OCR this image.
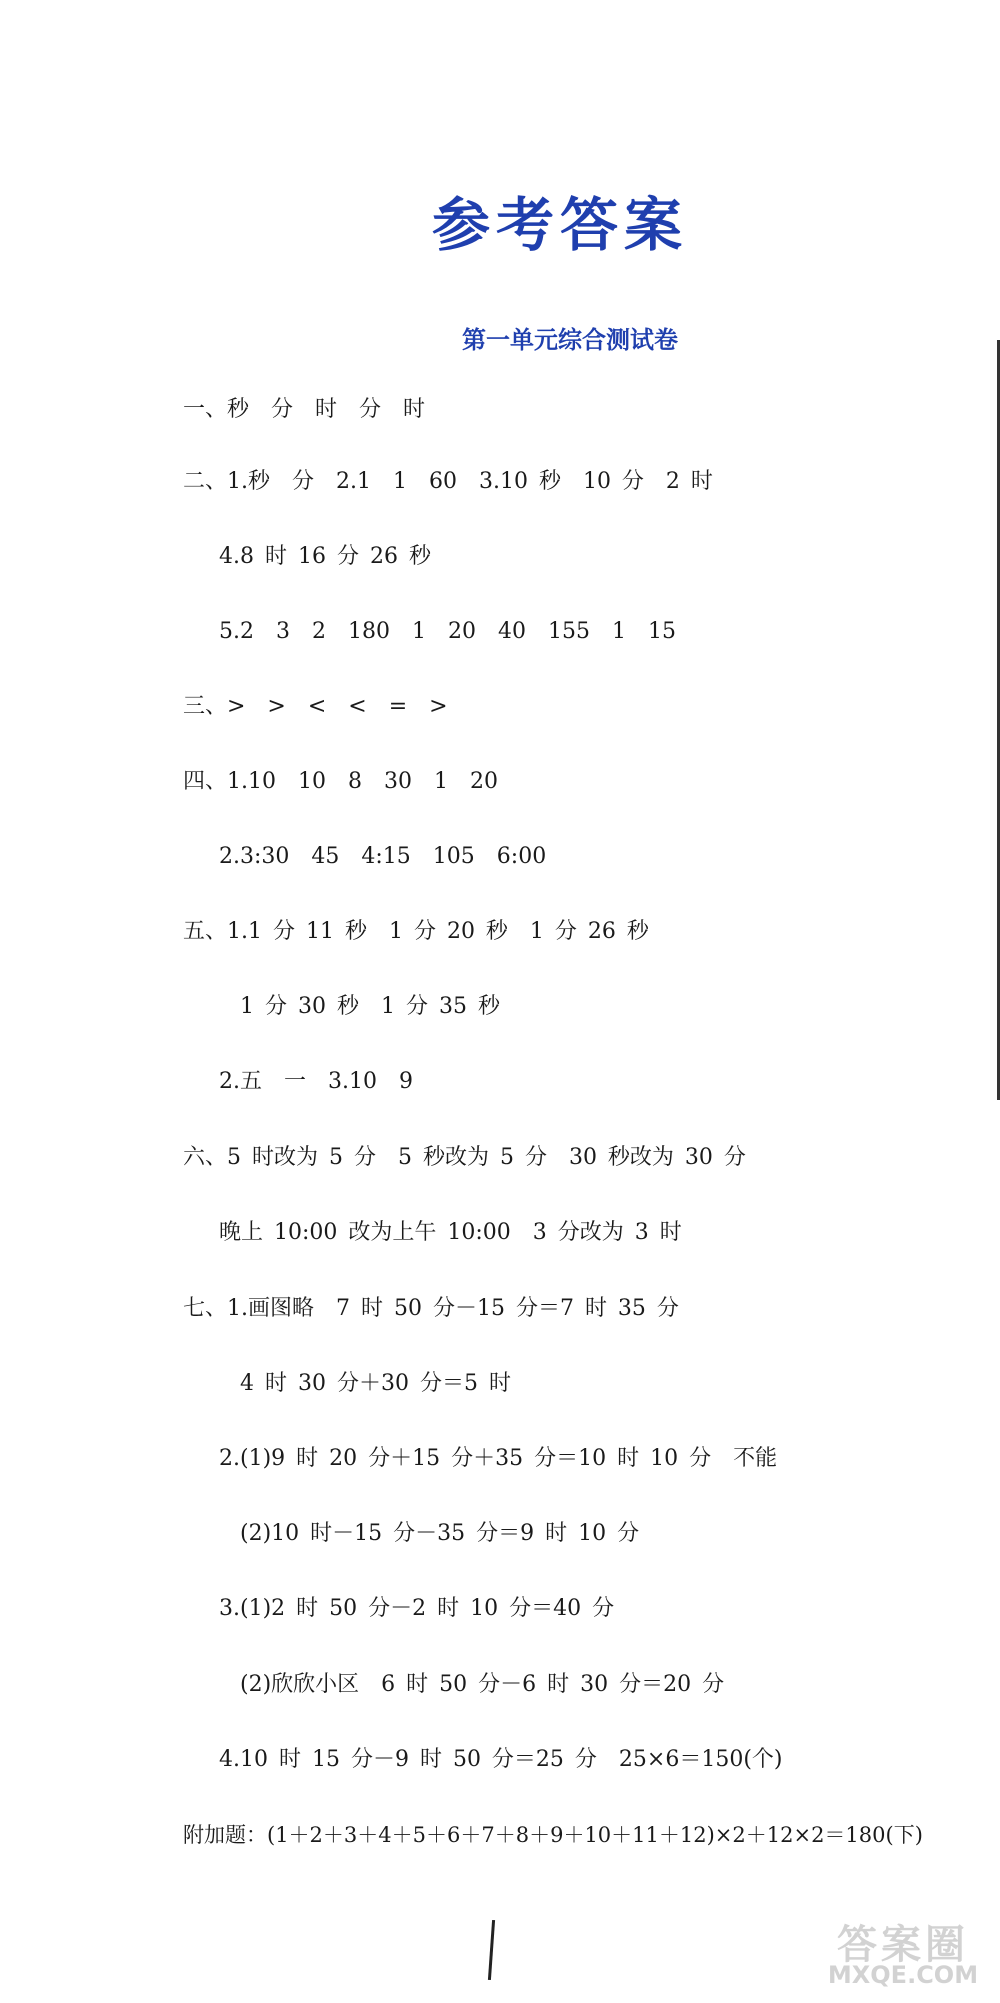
参考答案
第一单元综合测试卷
一、秒　分　时　分　时
二、1.秒　分　2.1　1　60　3.10 秒　10 分　2 时
4.8 时 16 分 26 秒
5.2　3　2　180　1　20　40　155　1　15
三、>　>　<　<　=　>
四、1.10　10　8　30　1　20
2.3:30　45　4:15　105　6:00
五、1.1 分 11 秒　1 分 20 秒　1 分 26 秒
1 分 30 秒　1 分 35 秒
2.五　一　3.10　9
六、5 时改为 5 分　5 秒改为 5 分　30 秒改为 30 分
晚上 10:00 改为上午 10:00　3 分改为 3 时
七、1.画图略　7 时 50 分－15 分＝7 时 35 分
4 时 30 分＋30 分＝5 时
2.(1)9 时 20 分＋15 分＋35 分＝10 时 10 分　不能
(2)10 时－15 分－35 分＝9 时 10 分
3.(1)2 时 50 分－2 时 10 分＝40 分
(2)欣欣小区　6 时 50 分－6 时 30 分＝20 分
4.10 时 15 分－9 时 50 分＝25 分　25×6＝150(个)
附加题：(1＋2＋3＋4＋5＋6＋7＋8＋9＋10＋11＋12)×2＋12×2＝180(下)
答案圈
MXQE.COM
